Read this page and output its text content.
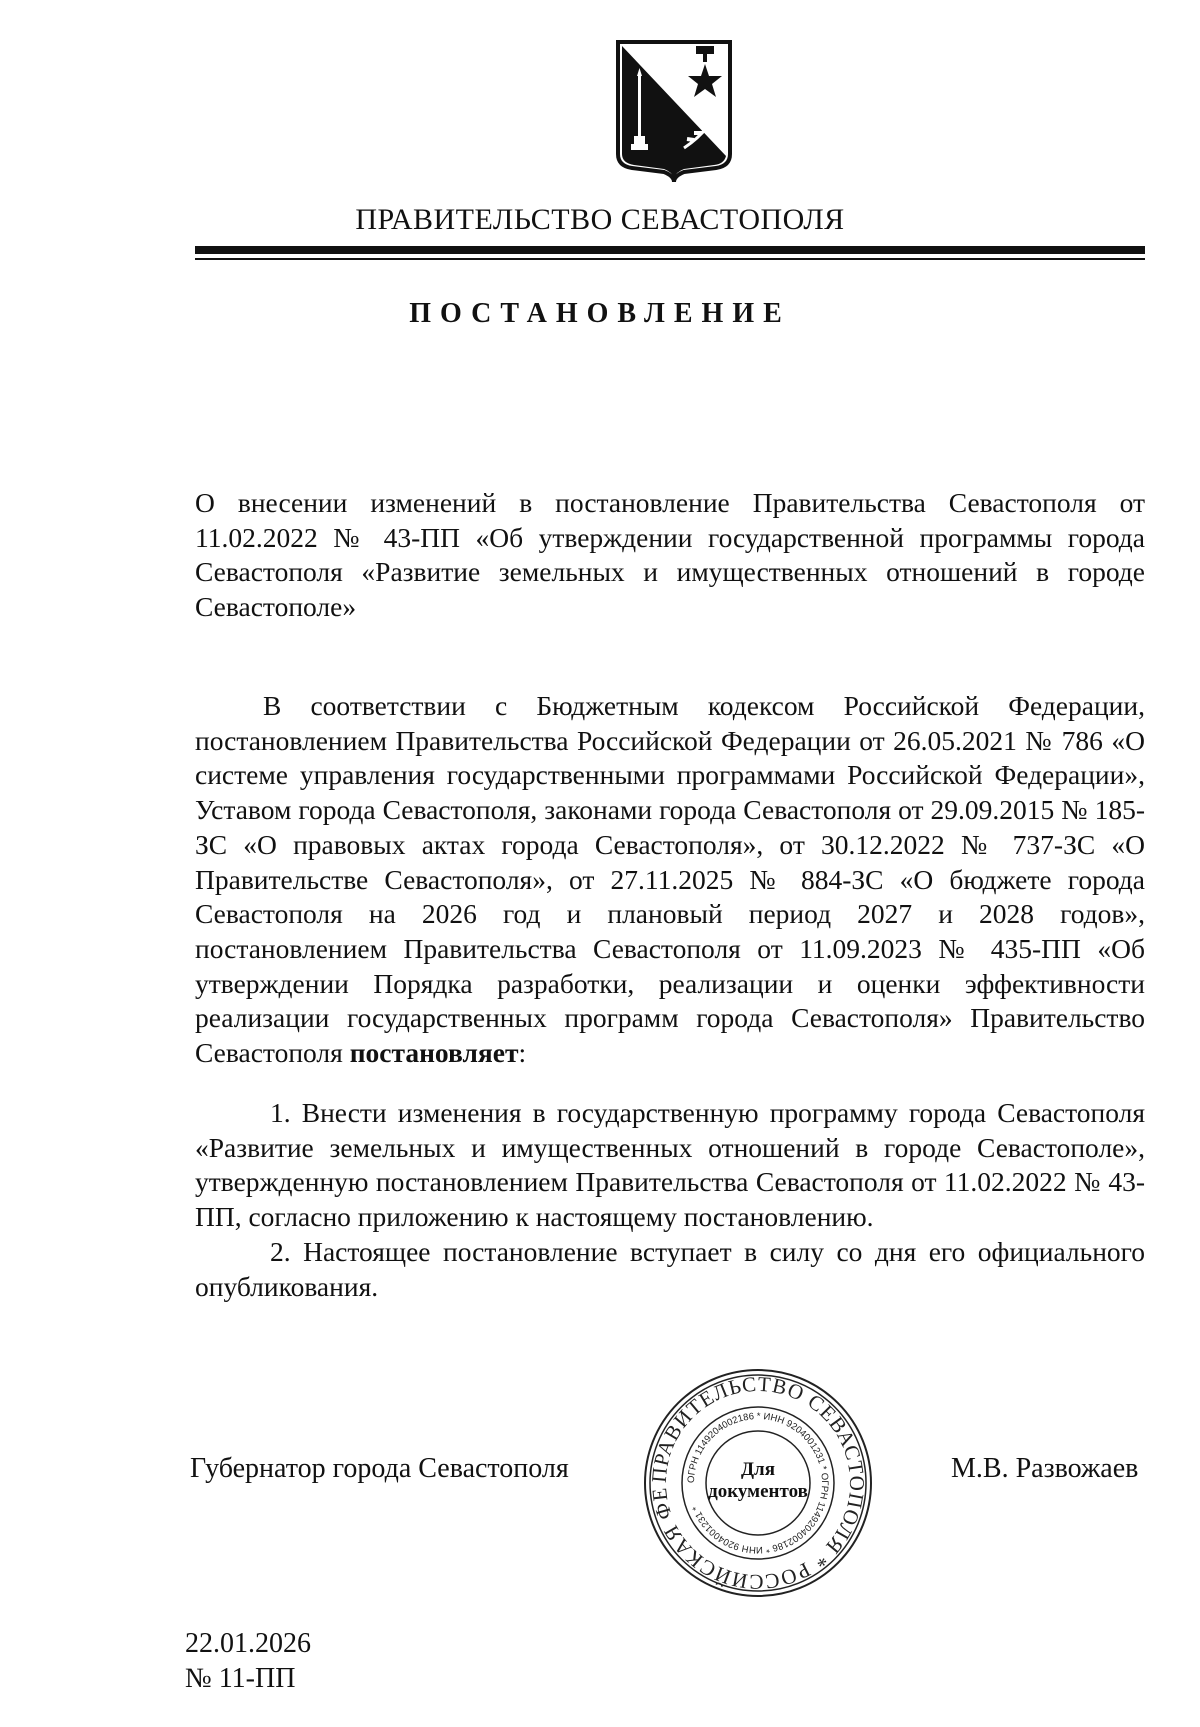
ПРАВИТЕЛЬСТВО СЕВАСТОПОЛЯ
ПОСТАНОВЛЕНИЕ

О внесении изменений в постановление Правительства Севастополя от 11.02.2022 № 43-ПП «Об утверждении государственной программы города Севастополя «Развитие земельных и имущественных отношений в городе Севастополе»

В соответствии с Бюджетным кодексом Российской Федерации, постановлением Правительства Российской Федерации от 26.05.2021 № 786 «О системе управления государственными программами Российской Федерации», Уставом города Севастополя, законами города Севастополя от 29.09.2015 № 185-ЗС «О правовых актах города Севастополя», от 30.12.2022 № 737-ЗС «О Правительстве Севастополя», от 27.11.2025 № 884-ЗС «О бюджете города Севастополя на 2026 год и плановый период 2027 и 2028 годов», постановлением Правительства Севастополя от 11.09.2023 № 435-ПП «Об утверждении Порядка разработки, реализации и оценки эффективности реализации государственных программ города Севастополя» Правительство Севастополя постановляет:

1. Внести изменения в государственную программу города Севастополя «Развитие земельных и имущественных отношений в городе Севастополе», утвержденную постановлением Правительства Севастополя от 11.02.2022 № 43-ПП, согласно приложению к настоящему постановлению.

2. Настоящее постановление вступает в силу со дня его официального опубликования.

Губернатор города Севастополя	ПРАВИТЕЛЬСТВО СЕВАСТОПОЛЯ * РОССИЙСКАЯ ФЕ
ОГРН 1149204002186 * ИНН 9204001231 * ОГРН 1149204002186 * ИНН 9204001231 *
Для
документов
М.В. Развожаев
22.01.2026
№ 11-ПП
